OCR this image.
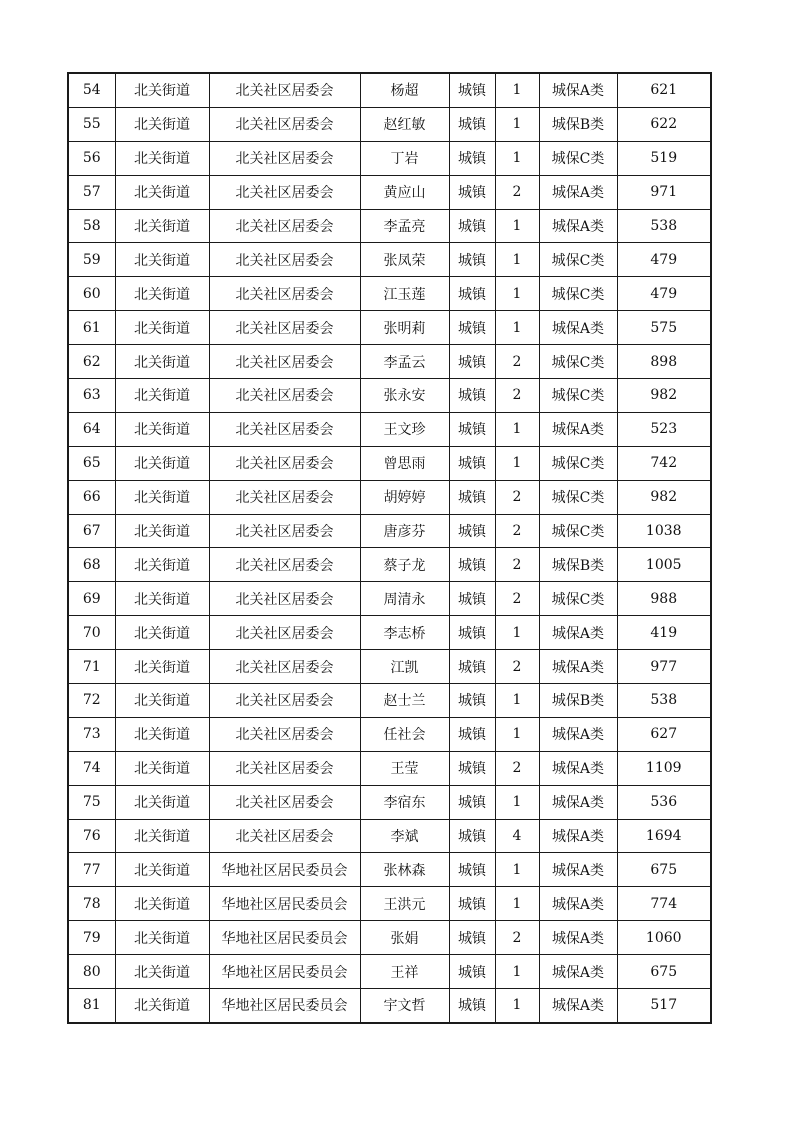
54	北关街道	北关社区居委会	杨超	城镇	1	城保A类	621
55	北关街道	北关社区居委会	赵红敏	城镇	1	城保B类	622
56	北关街道	北关社区居委会	丁岩	城镇	1	城保C类	519
57	北关街道	北关社区居委会	黄应山	城镇	2	城保A类	971
58	北关街道	北关社区居委会	李孟亮	城镇	1	城保A类	538
59	北关街道	北关社区居委会	张凤荣	城镇	1	城保C类	479
60	北关街道	北关社区居委会	江玉莲	城镇	1	城保C类	479
61	北关街道	北关社区居委会	张明莉	城镇	1	城保A类	575
62	北关街道	北关社区居委会	李孟云	城镇	2	城保C类	898
63	北关街道	北关社区居委会	张永安	城镇	2	城保C类	982
64	北关街道	北关社区居委会	王文珍	城镇	1	城保A类	523
65	北关街道	北关社区居委会	曾思雨	城镇	1	城保C类	742
66	北关街道	北关社区居委会	胡婷婷	城镇	2	城保C类	982
67	北关街道	北关社区居委会	唐彦芬	城镇	2	城保C类	1038
68	北关街道	北关社区居委会	蔡子龙	城镇	2	城保B类	1005
69	北关街道	北关社区居委会	周清永	城镇	2	城保C类	988
70	北关街道	北关社区居委会	李志桥	城镇	1	城保A类	419
71	北关街道	北关社区居委会	江凯	城镇	2	城保A类	977
72	北关街道	北关社区居委会	赵士兰	城镇	1	城保B类	538
73	北关街道	北关社区居委会	任社会	城镇	1	城保A类	627
74	北关街道	北关社区居委会	王莹	城镇	2	城保A类	1109
75	北关街道	北关社区居委会	李宿东	城镇	1	城保A类	536
76	北关街道	北关社区居委会	李斌	城镇	4	城保A类	1694
77	北关街道	华地社区居民委员会	张林森	城镇	1	城保A类	675
78	北关街道	华地社区居民委员会	王洪元	城镇	1	城保A类	774
79	北关街道	华地社区居民委员会	张娟	城镇	2	城保A类	1060
80	北关街道	华地社区居民委员会	王祥	城镇	1	城保A类	675
81	北关街道	华地社区居民委员会	宇文哲	城镇	1	城保A类	517
